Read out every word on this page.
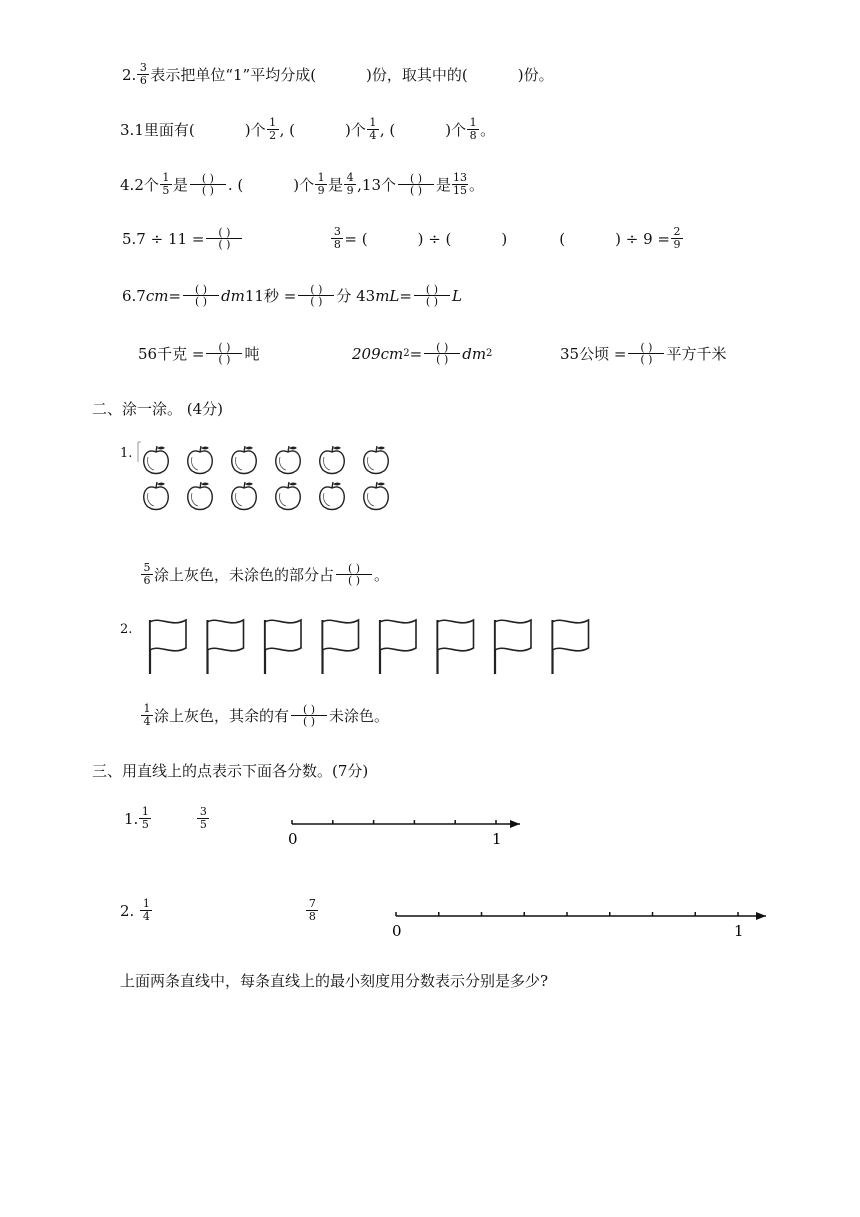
2. $\frac{3}{6}$ 表示把单位“1”平均分成(	)份，取其中的(	)份。
3. 1里面有(	)个 $\frac{1}{2}$ , (	)个 $\frac{1}{4}$ , (	)个 $\frac{1}{8}$ 。
4. 2个 $\frac{1}{5}$ 是	( )
( ) . (	)个 $\frac{1}{9}$ 是 $\frac{4}{9} ,13$个	( )
( ) 是 $\frac{13}{15}$ 。
5.7 ÷ 11 =	( )
( )	$\frac{3}{8}$ = (	) ÷ (	)	(	) ÷ $9 = \frac{2}{9}$
6.7 cm =	( )
( ) dm 11秒 =	( )
( ) 分 43 mL =	( )
( ) L
56千克 =	( )
( ) 吨	209 cm 2 =	( )
( ) dm 2	35公顷 =	( )
( ) 平方千米
二、涂一涂。 (4分)
1.
$\frac{5}{6}$ 涂上灰色，未涂色的部分占	( )
( ) 。
2.
$\frac{1}{4}$ 涂上灰色，其余的有	( )
( ) 未涂色。
三、用直线上的点表示下面各分数。(7分)
1. $\frac{1}{5}$	$\frac{3}{5}$
0	1
2. $\frac{1}{4}$	$\frac{7}{8}$
0	1
上面两条直线中，每条直线上的最小刻度用分数表示分别是多少?
